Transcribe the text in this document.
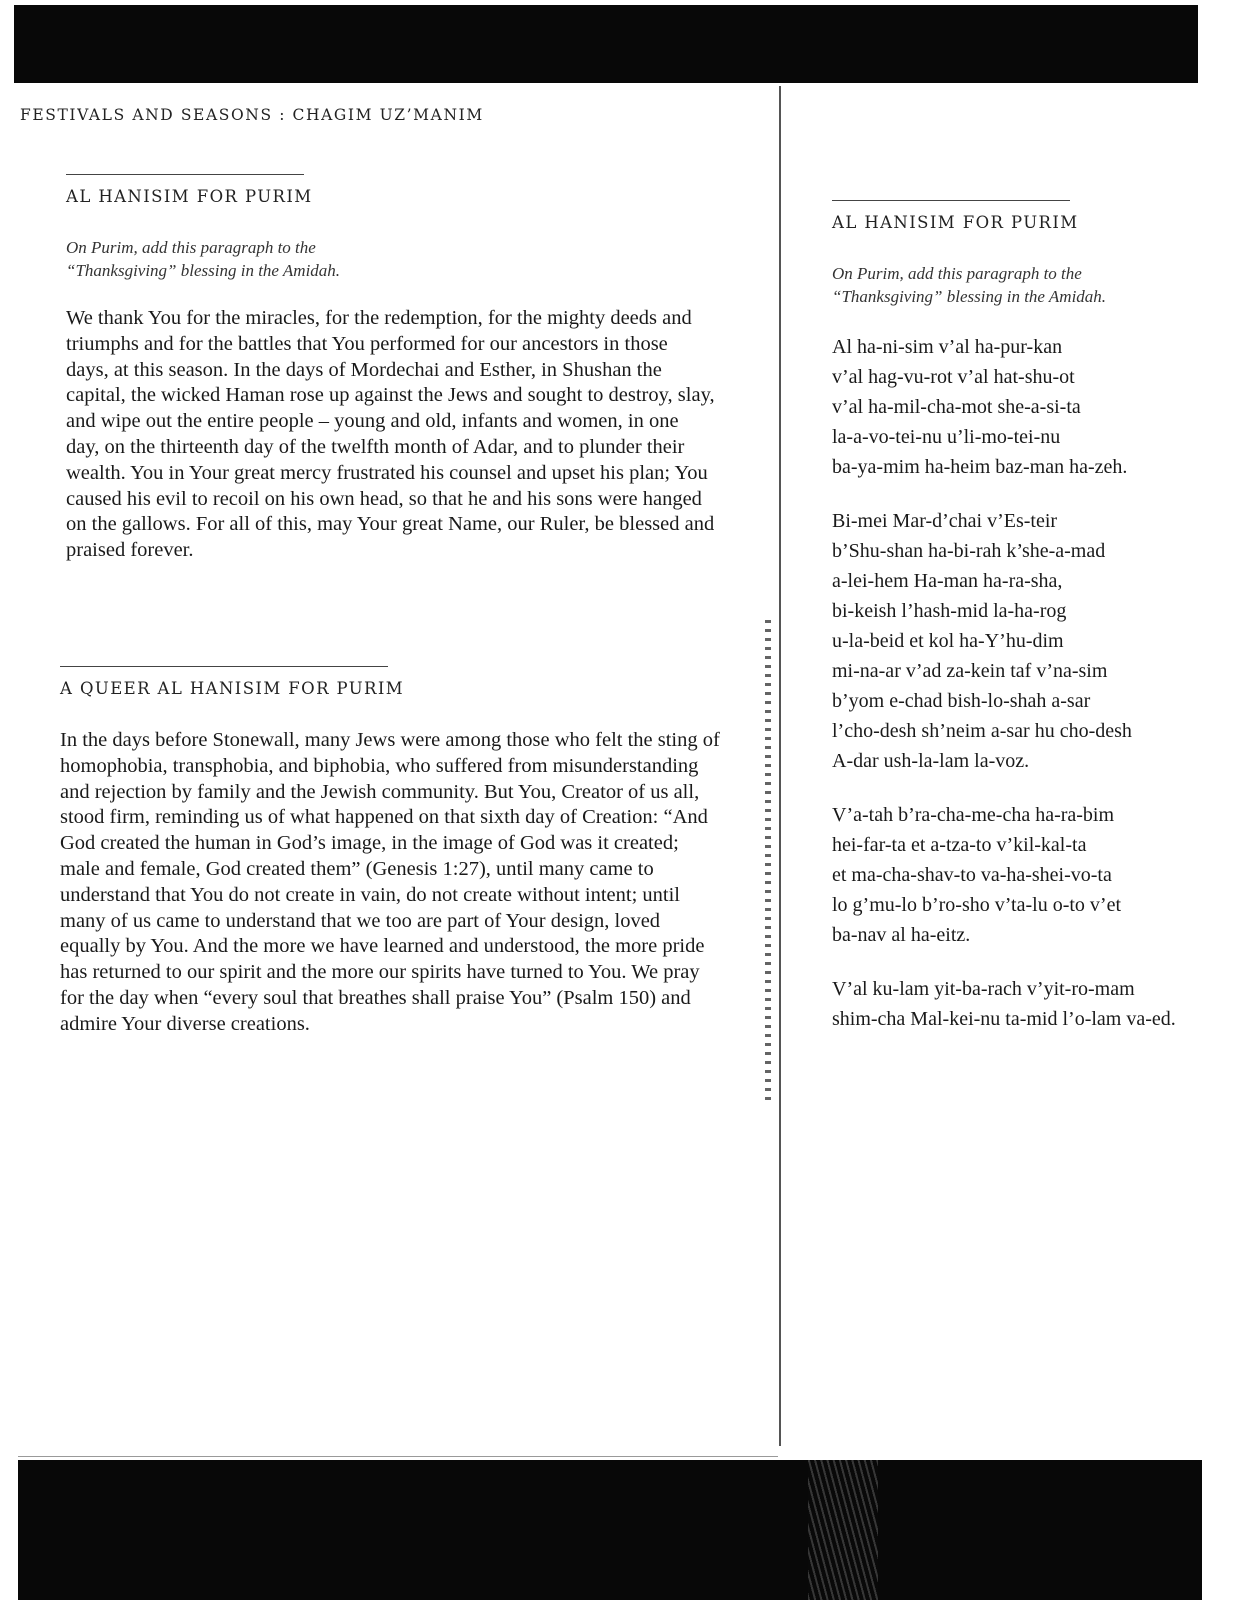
FESTIVALS AND SEASONS : CHAGIM UZ’MANIM
AL HANISIM FOR PURIM
On Purim, add this paragraph to the
“Thanksgiving” blessing in the Amidah.
We thank You for the miracles, for the redemption, for the mighty deeds and
triumphs and for the battles that You performed for our ancestors in those
days, at this season. In the days of Mordechai and Esther, in Shushan the
capital, the wicked Haman rose up against the Jews and sought to destroy, slay,
and wipe out the entire people – young and old, infants and women, in one
day, on the thirteenth day of the twelfth month of Adar, and to plunder their
wealth. You in Your great mercy frustrated his counsel and upset his plan; You
caused his evil to recoil on his own head, so that he and his sons were hanged
on the gallows. For all of this, may Your great Name, our Ruler, be blessed and
praised forever.
A QUEER AL HANISIM FOR PURIM
In the days before Stonewall, many Jews were among those who felt the sting of
homophobia, transphobia, and biphobia, who suffered from misunderstanding
and rejection by family and the Jewish community. But You, Creator of us all,
stood firm, reminding us of what happened on that sixth day of Creation: “And
God created the human in God’s image, in the image of God was it created;
male and female, God created them” (Genesis 1:27), until many came to
understand that You do not create in vain, do not create without intent; until
many of us came to understand that we too are part of Your design, loved
equally by You. And the more we have learned and understood, the more pride
has returned to our spirit and the more our spirits have turned to You. We pray
for the day when “every soul that breathes shall praise You” (Psalm 150) and
admire Your diverse creations.
AL HANISIM FOR PURIM
On Purim, add this paragraph to the
“Thanksgiving” blessing in the Amidah.
Al ha-ni-sim v’al ha-pur-kan
v’al hag-vu-rot v’al hat-shu-ot
v’al ha-mil-cha-mot she-a-si-ta
la-a-vo-tei-nu u’li-mo-tei-nu
ba-ya-mim ha-heim baz-man ha-zeh.
Bi-mei Mar-d’chai v’Es-teir
b’Shu-shan ha-bi-rah k’she-a-mad
a-lei-hem Ha-man ha-ra-sha,
bi-keish l’hash-mid la-ha-rog
u-la-beid et kol ha-Y’hu-dim
mi-na-ar v’ad za-kein taf v’na-sim
b’yom e-chad bish-lo-shah a-sar
l’cho-desh sh’neim a-sar hu cho-desh
A-dar ush-la-lam la-voz.
V’a-tah b’ra-cha-me-cha ha-ra-bim
hei-far-ta et a-tza-to v’kil-kal-ta
et ma-cha-shav-to va-ha-shei-vo-ta
lo g’mu-lo b’ro-sho v’ta-lu o-to v’et
ba-nav al ha-eitz.
V’al ku-lam yit-ba-rach v’yit-ro-mam
shim-cha Mal-kei-nu ta-mid l’o-lam va-ed.
